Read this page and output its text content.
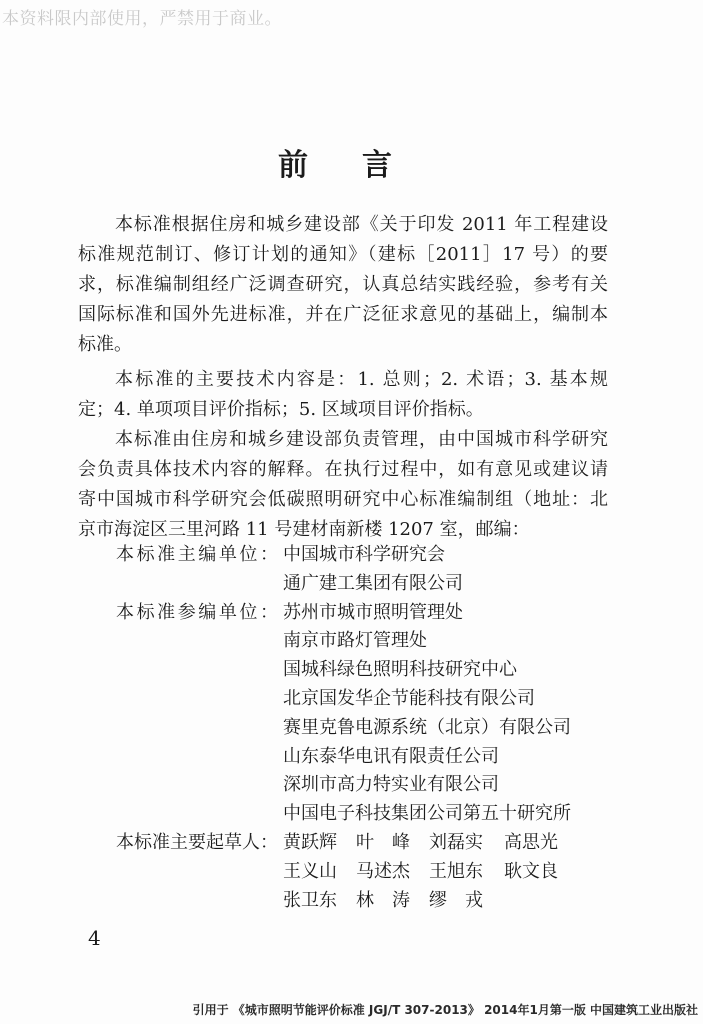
本资料限内部使用，严禁用于商业。
前　言
本标准根据住房和城乡建设部《关于印发 2011 年工程建设
标准规范制订、修订计划的通知》（建标［2011］17 号）的要
求，标准编制组经广泛调查研究，认真总结实践经验，参考有关
国际标准和国外先进标准，并在广泛征求意见的基础上，编制本
标准。
本标准的主要技术内容是：1. 总则；2. 术语；3. 基本规
定；4. 单项项目评价指标；5. 区域项目评价指标。
本标准由住房和城乡建设部负责管理，由中国城市科学研究
会负责具体技术内容的解释。在执行过程中，如有意见或建议请
寄中国城市科学研究会低碳照明研究中心标准编制组（地址：北
京市海淀区三里河路 11 号建材南新楼 1207 室，邮编：
本标准主编单位： 中国城市科学研究会
通广建工集团有限公司
本标准参编单位： 苏州市城市照明管理处
南京市路灯管理处
国城科绿色照明科技研究中心
北京国发华企节能科技有限公司
赛里克鲁电源系统（北京）有限公司
山东泰华电讯有限责任公司
深圳市高力特实业有限公司
中国电子科技集团公司第五十研究所
本标准主要起草人： 黄跃辉 叶　峰 刘磊实 高思光
王义山 马述杰 王旭东 耿文良
张卫东 林　涛 缪　戎
4
引用于 《城市照明节能评价标准 JGJ/T 307-2013》 2014年1月第一版 中国建筑工业出版社
